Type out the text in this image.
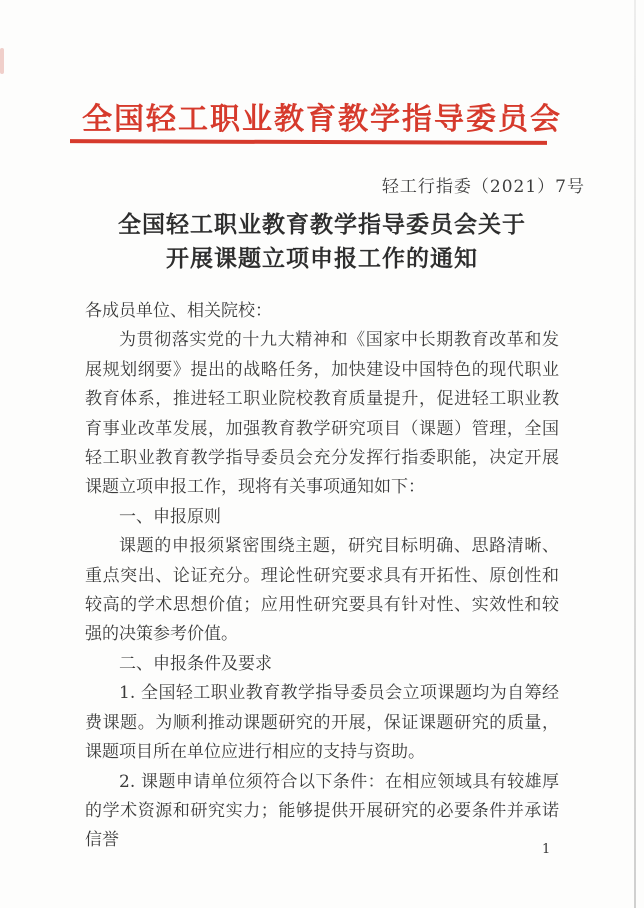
全国轻工职业教育教学指导委员会
轻工行指委（2021）7号
全国轻工职业教育教学指导委员会关于
开展课题立项申报工作的通知

各成员单位、相关院校：

为贯彻落实党的十九大精神和《国家中长期教育改革和发展规划纲要》提出的战略任务，加快建设中国特色的现代职业教育体系，推进轻工职业院校教育质量提升，促进轻工职业教育事业改革发展，加强教育教学研究项目（课题）管理，全国轻工职业教育教学指导委员会充分发挥行指委职能，决定开展课题立项申报工作，现将有关事项通知如下：

一、申报原则

课题的申报须紧密围绕主题，研究目标明确、思路清晰、重点突出、论证充分。理论性研究要求具有开拓性、原创性和较高的学术思想价值；应用性研究要具有针对性、实效性和较强的决策参考价值。

二、申报条件及要求

1. 全国轻工职业教育教学指导委员会立项课题均为自筹经费课题。为顺利推动课题研究的开展，保证课题研究的质量，课题项目所在单位应进行相应的支持与资助。

2. 课题申请单位须符合以下条件：在相应领域具有较雄厚的学术资源和研究实力；能够提供开展研究的必要条件并承诺信誉	1
